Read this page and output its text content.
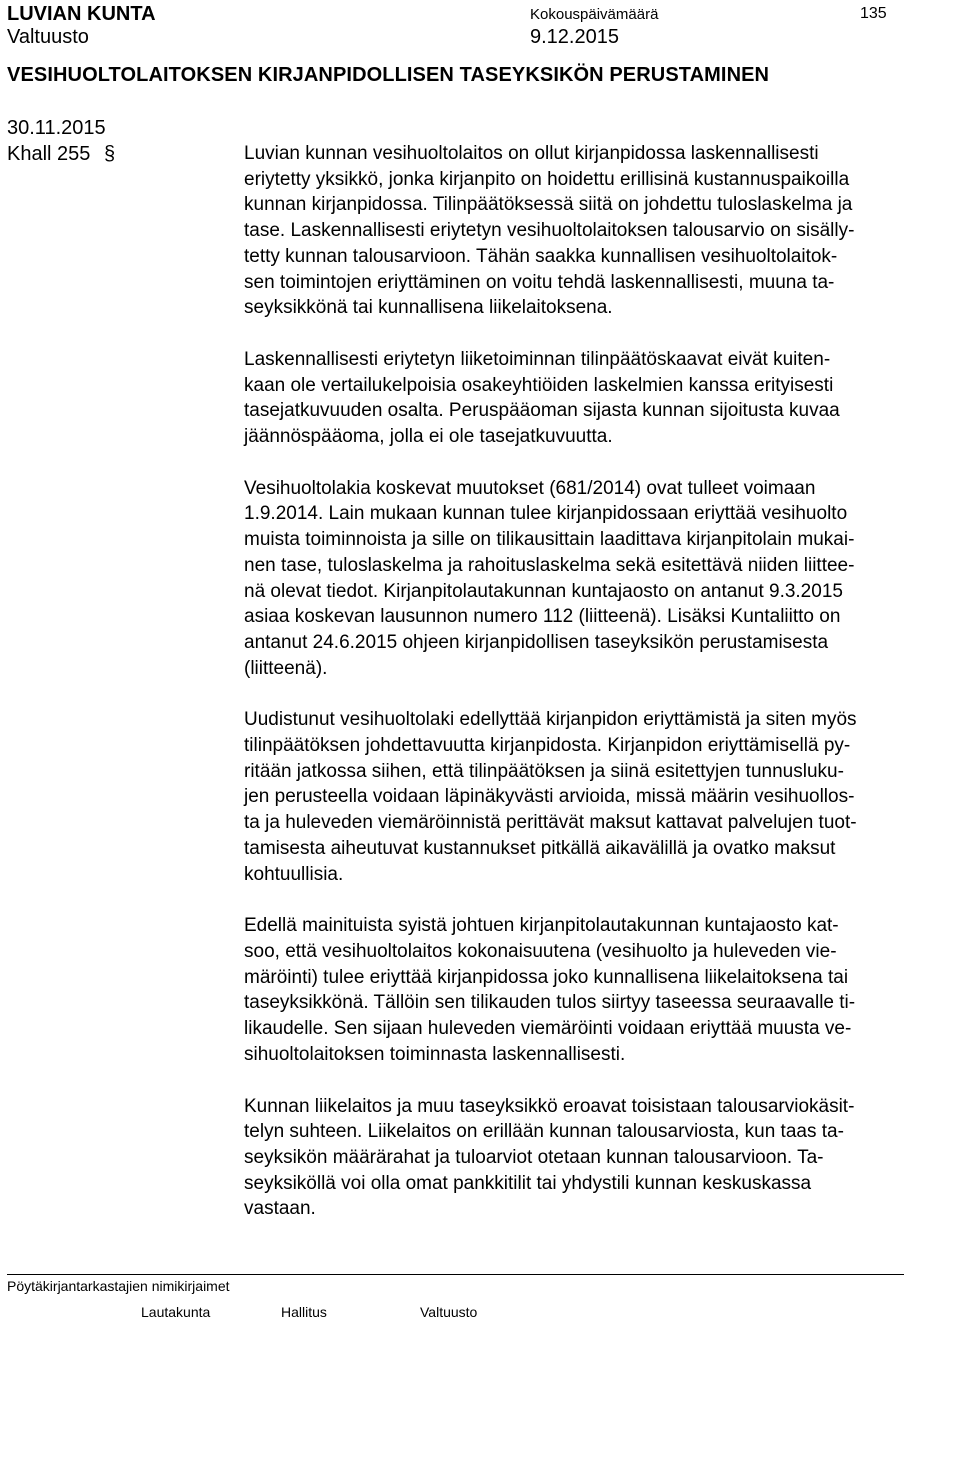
LUVIAN KUNTA
Valtuusto
Kokouspäivämäärä
9.12.2015
135
VESIHUOLTOLAITOKSEN KIRJANPIDOLLISEN TASEYKSIKÖN PERUSTAMINEN
30.11.2015
Khall 255 §	Luvian kunnan vesihuoltolaitos on ollut kirjanpidossa laskennallisesti
eriytetty yksikkö, jonka kirjanpito on hoidettu erillisinä kustannuspaikoilla
kunnan kirjanpidossa. Tilinpäätöksessä siitä on johdettu tuloslaskelma ja
tase. Laskennallisesti eriytetyn vesihuoltolaitoksen talousarvio on sisälly-
tetty kunnan talousarvioon. Tähän saakka kunnallisen vesihuoltolaitok-
sen toimintojen eriyttäminen on voitu tehdä laskennallisesti, muuna ta-
seyksikkönä tai kunnallisena liikelaitoksena.

Laskennallisesti eriytetyn liiketoiminnan tilinpäätöskaavat eivät kuiten-
kaan ole vertailukelpoisia osakeyhtiöiden laskelmien kanssa erityisesti
tasejatkuvuuden osalta. Peruspääoman sijasta kunnan sijoitusta kuvaa
jäännöspääoma, jolla ei ole tasejatkuvuutta.

Vesihuoltolakia koskevat muutokset (681/2014) ovat tulleet voimaan
1.9.2014. Lain mukaan kunnan tulee kirjanpidossaan eriyttää vesihuolto
muista toiminnoista ja sille on tilikausittain laadittava kirjanpitolain mukai-
nen tase, tuloslaskelma ja rahoituslaskelma sekä esitettävä niiden liittee-
nä olevat tiedot. Kirjanpitolautakunnan kuntajaosto on antanut 9.3.2015
asiaa koskevan lausunnon numero 112 (liitteenä). Lisäksi Kuntaliitto on
antanut 24.6.2015 ohjeen kirjanpidollisen taseyksikön perustamisesta
(liitteenä).

Uudistunut vesihuoltolaki edellyttää kirjanpidon eriyttämistä ja siten myös
tilinpäätöksen johdettavuutta kirjanpidosta. Kirjanpidon eriyttämisellä py-
ritään jatkossa siihen, että tilinpäätöksen ja siinä esitettyjen tunnusluku-
jen perusteella voidaan läpinäkyvästi arvioida, missä määrin vesihuollos-
ta ja huleveden viemäröinnistä perittävät maksut kattavat palvelujen tuot-
tamisesta aiheutuvat kustannukset pitkällä aikavälillä ja ovatko maksut
kohtuullisia.

Edellä mainituista syistä johtuen kirjanpitolautakunnan kuntajaosto kat-
soo, että vesihuoltolaitos kokonaisuutena (vesihuolto ja huleveden vie-
märöinti) tulee eriyttää kirjanpidossa joko kunnallisena liikelaitoksena tai
taseyksikkönä. Tällöin sen tilikauden tulos siirtyy taseessa seuraavalle ti-
likaudelle. Sen sijaan huleveden viemäröinti voidaan eriyttää muusta ve-
sihuoltolaitoksen toiminnasta laskennallisesti.

Kunnan liikelaitos ja muu taseyksikkö eroavat toisistaan talousarviokäsit-
telyn suhteen. Liikelaitos on erillään kunnan talousarviosta, kun taas ta-
seyksikön määrärahat ja tuloarviot otetaan kunnan talousarvioon. Ta-
seyksiköllä voi olla omat pankkitilit tai yhdystili kunnan keskuskassa
vastaan.

Pöytäkirjantarkastajien nimikirjaimet
Lautakunta	Hallitus	Valtuusto
